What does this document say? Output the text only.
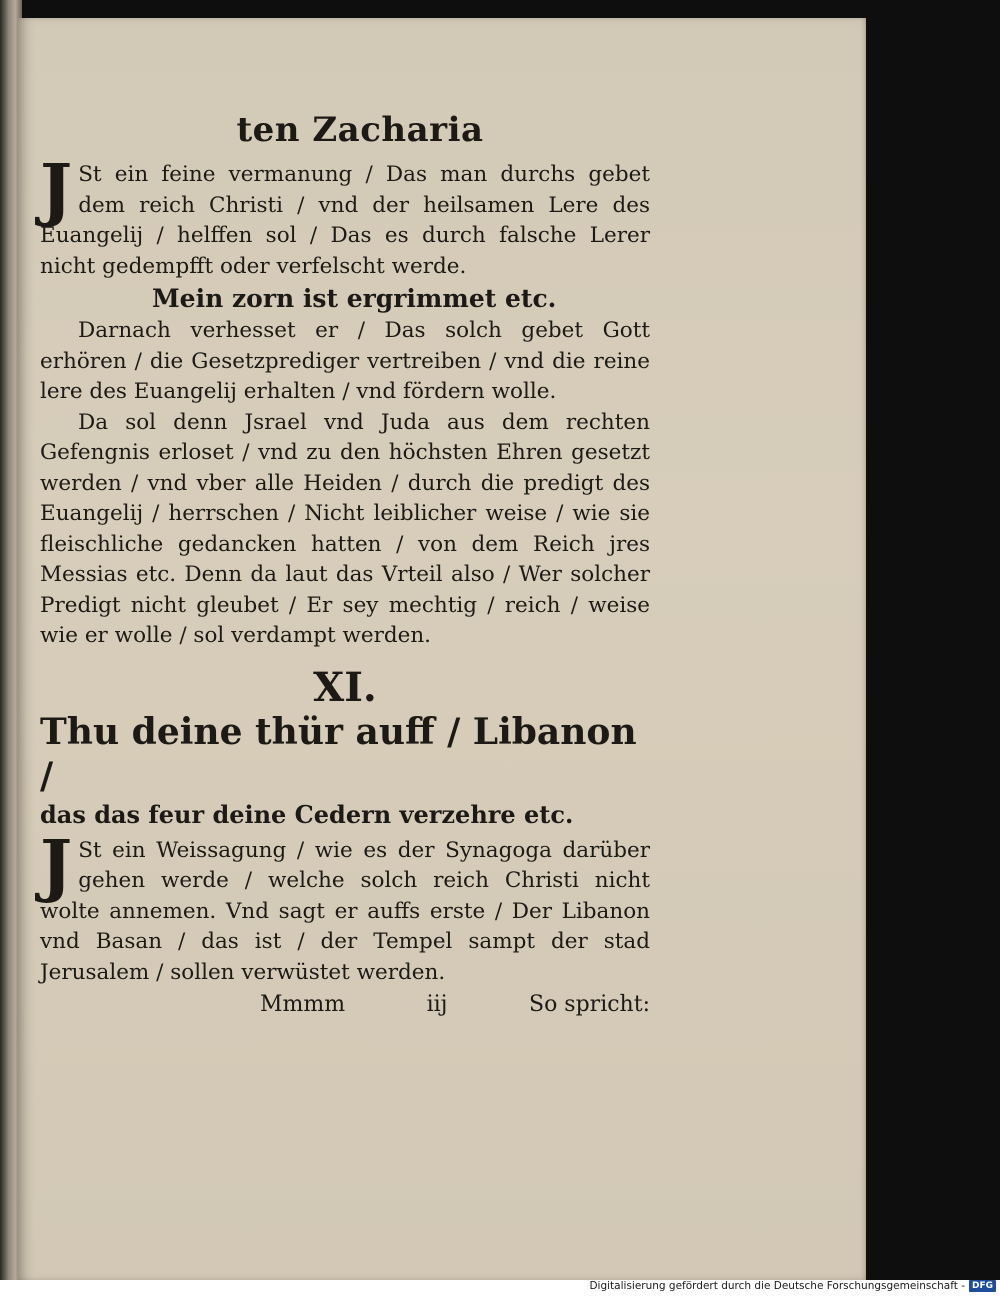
ten Zacharia

J St ein feine vermanung / Das man durchs gebet dem reich Christi / vnd der heilsamen Lere des Euangelij / helffen sol / Das es durch falsche Lerer nicht gedempfft oder verfelscht werde.

Mein zorn ist ergrimmet etc.

Darnach verhesset er / Das solch gebet Gott erhören / die Gesetzprediger vertreiben / vnd die reine lere des Euangelij erhalten / vnd fördern wolle.

Da sol denn Jsrael vnd Juda aus dem rechten Gefengnis erloset / vnd zu den höchsten Ehren gesetzt werden / vnd vber alle Heiden / durch die predigt des Euangelij / herrschen / Nicht leiblicher weise / wie sie fleischliche gedancken hatten / von dem Reich jres Messias etc. Denn da laut das Vrteil also / Wer solcher Predigt nicht gleubet / Er sey mechtig / reich / weise wie er wolle / sol verdampt werden.

XI.
Thu deine thür auff / Libanon /
das das feur deine Cedern verzehre etc.

J St ein Weissagung / wie es der Synagoga darüber gehen werde / welche solch reich Christi nicht wolte annemen. Vnd sagt er auffs erste / Der Libanon vnd Basan / das ist / der Tempel sampt der stad Jerusalem / sollen verwüstet werden.

Mmmm	iij	So spricht:
Digitalisierung gefördert durch die Deutsche Forschungsgemeinschaft - DFG
